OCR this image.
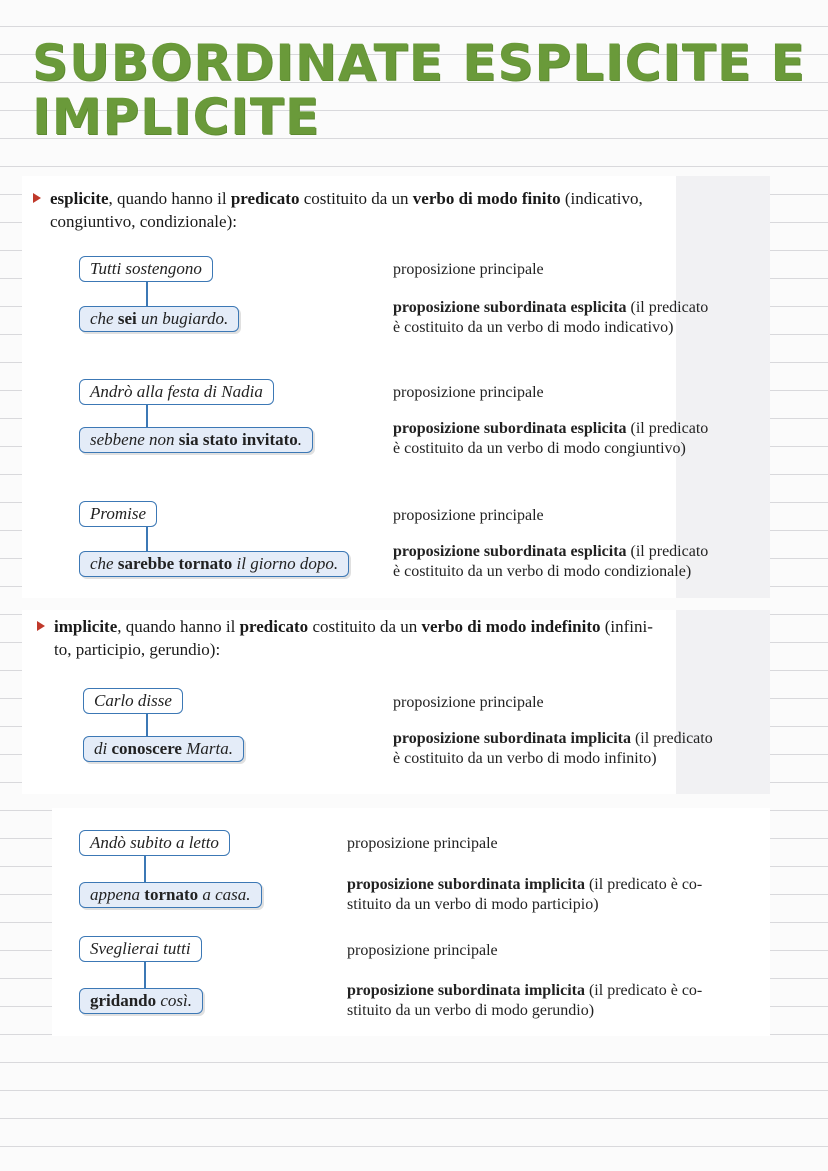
SUBORDINATE ESPLICITE E IMPLICITE
esplicite, quando hanno il predicato costituito da un verbo di modo finito (indicativo,
congiuntivo, condizionale):
Tutti sostengono
che sei un bugiardo.
proposizione principale
proposizione subordinata esplicita (il predicato
è costituito da un verbo di modo indicativo)
Andrò alla festa di Nadia
sebbene non sia stato invitato.
proposizione principale
proposizione subordinata esplicita (il predicato
è costituito da un verbo di modo congiuntivo)
Promise
che sarebbe tornato il giorno dopo.
proposizione principale
proposizione subordinata esplicita (il predicato
è costituito da un verbo di modo condizionale)
implicite, quando hanno il predicato costituito da un verbo di modo indefinito (infini-
to, participio, gerundio):
Carlo disse
di conoscere Marta.
proposizione principale
proposizione subordinata implicita (il predicato
è costituito da un verbo di modo infinito)
Andò subito a letto
appena tornato a casa.
proposizione principale
proposizione subordinata implicita (il predicato è co-
stituito da un verbo di modo participio)
Sveglierai tutti
gridando così.
proposizione principale
proposizione subordinata implicita (il predicato è co-
stituito da un verbo di modo gerundio)
